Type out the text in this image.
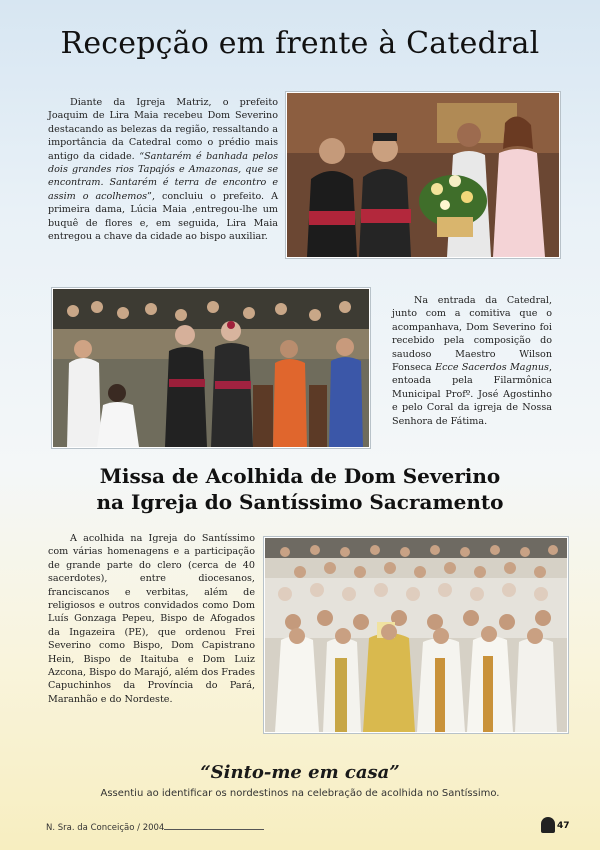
Recepção em frente à Catedral

Diante da Igreja Matriz, o prefeito Joaquim de Lira Maia recebeu Dom Severino destacando as belezas da região, ressaltando a importância da Catedral como o prédio mais antigo da cidade. “Santarém é banhada pelos dois grandes rios Tapajós e Amazonas, que se encontram. Santarém é terra de encontro e assim o acolhemos”, concluiu o prefeito. A primeira dama, Lúcia Maia ,entregou-lhe um buquê de flores e, em seguida, Lira Maia entregou a chave da cidade ao bispo auxiliar.

Na entrada da Catedral, junto com a comitiva que o acompanhava, Dom Severino foi recebido pela composição do saudoso Maestro Wilson Fonseca Ecce Sacerdos Magnus, entoada pela Filarmônica Municipal Profº. José Agostinho e pelo Coral da igreja de Nossa Senhora de Fátima.

Missa de Acolhida de Dom Severino na Igreja do Santíssimo Sacramento

A acolhida na Igreja do Santíssimo com várias homenagens e a participação de grande parte do clero (cerca de 40 sacerdotes), entre diocesanos, franciscanos e verbitas, além de religiosos e outros convidados como Dom Luís Gonzaga Pepeu, Bispo de Afogados da Ingazeira (PE), que ordenou Frei Severino como Bispo, Dom Capistrano Hein, Bispo de Itaituba e Dom Luiz Azcona, Bispo do Marajó, além dos Frades Capuchinhos da Província do Pará, Maranhão e do Nordeste.

“Sinto-me em casa”
Assentiu ao identificar os nordestinos na celebração de acolhida no Santíssimo.
N. Sra. da Conceição / 2004	47
